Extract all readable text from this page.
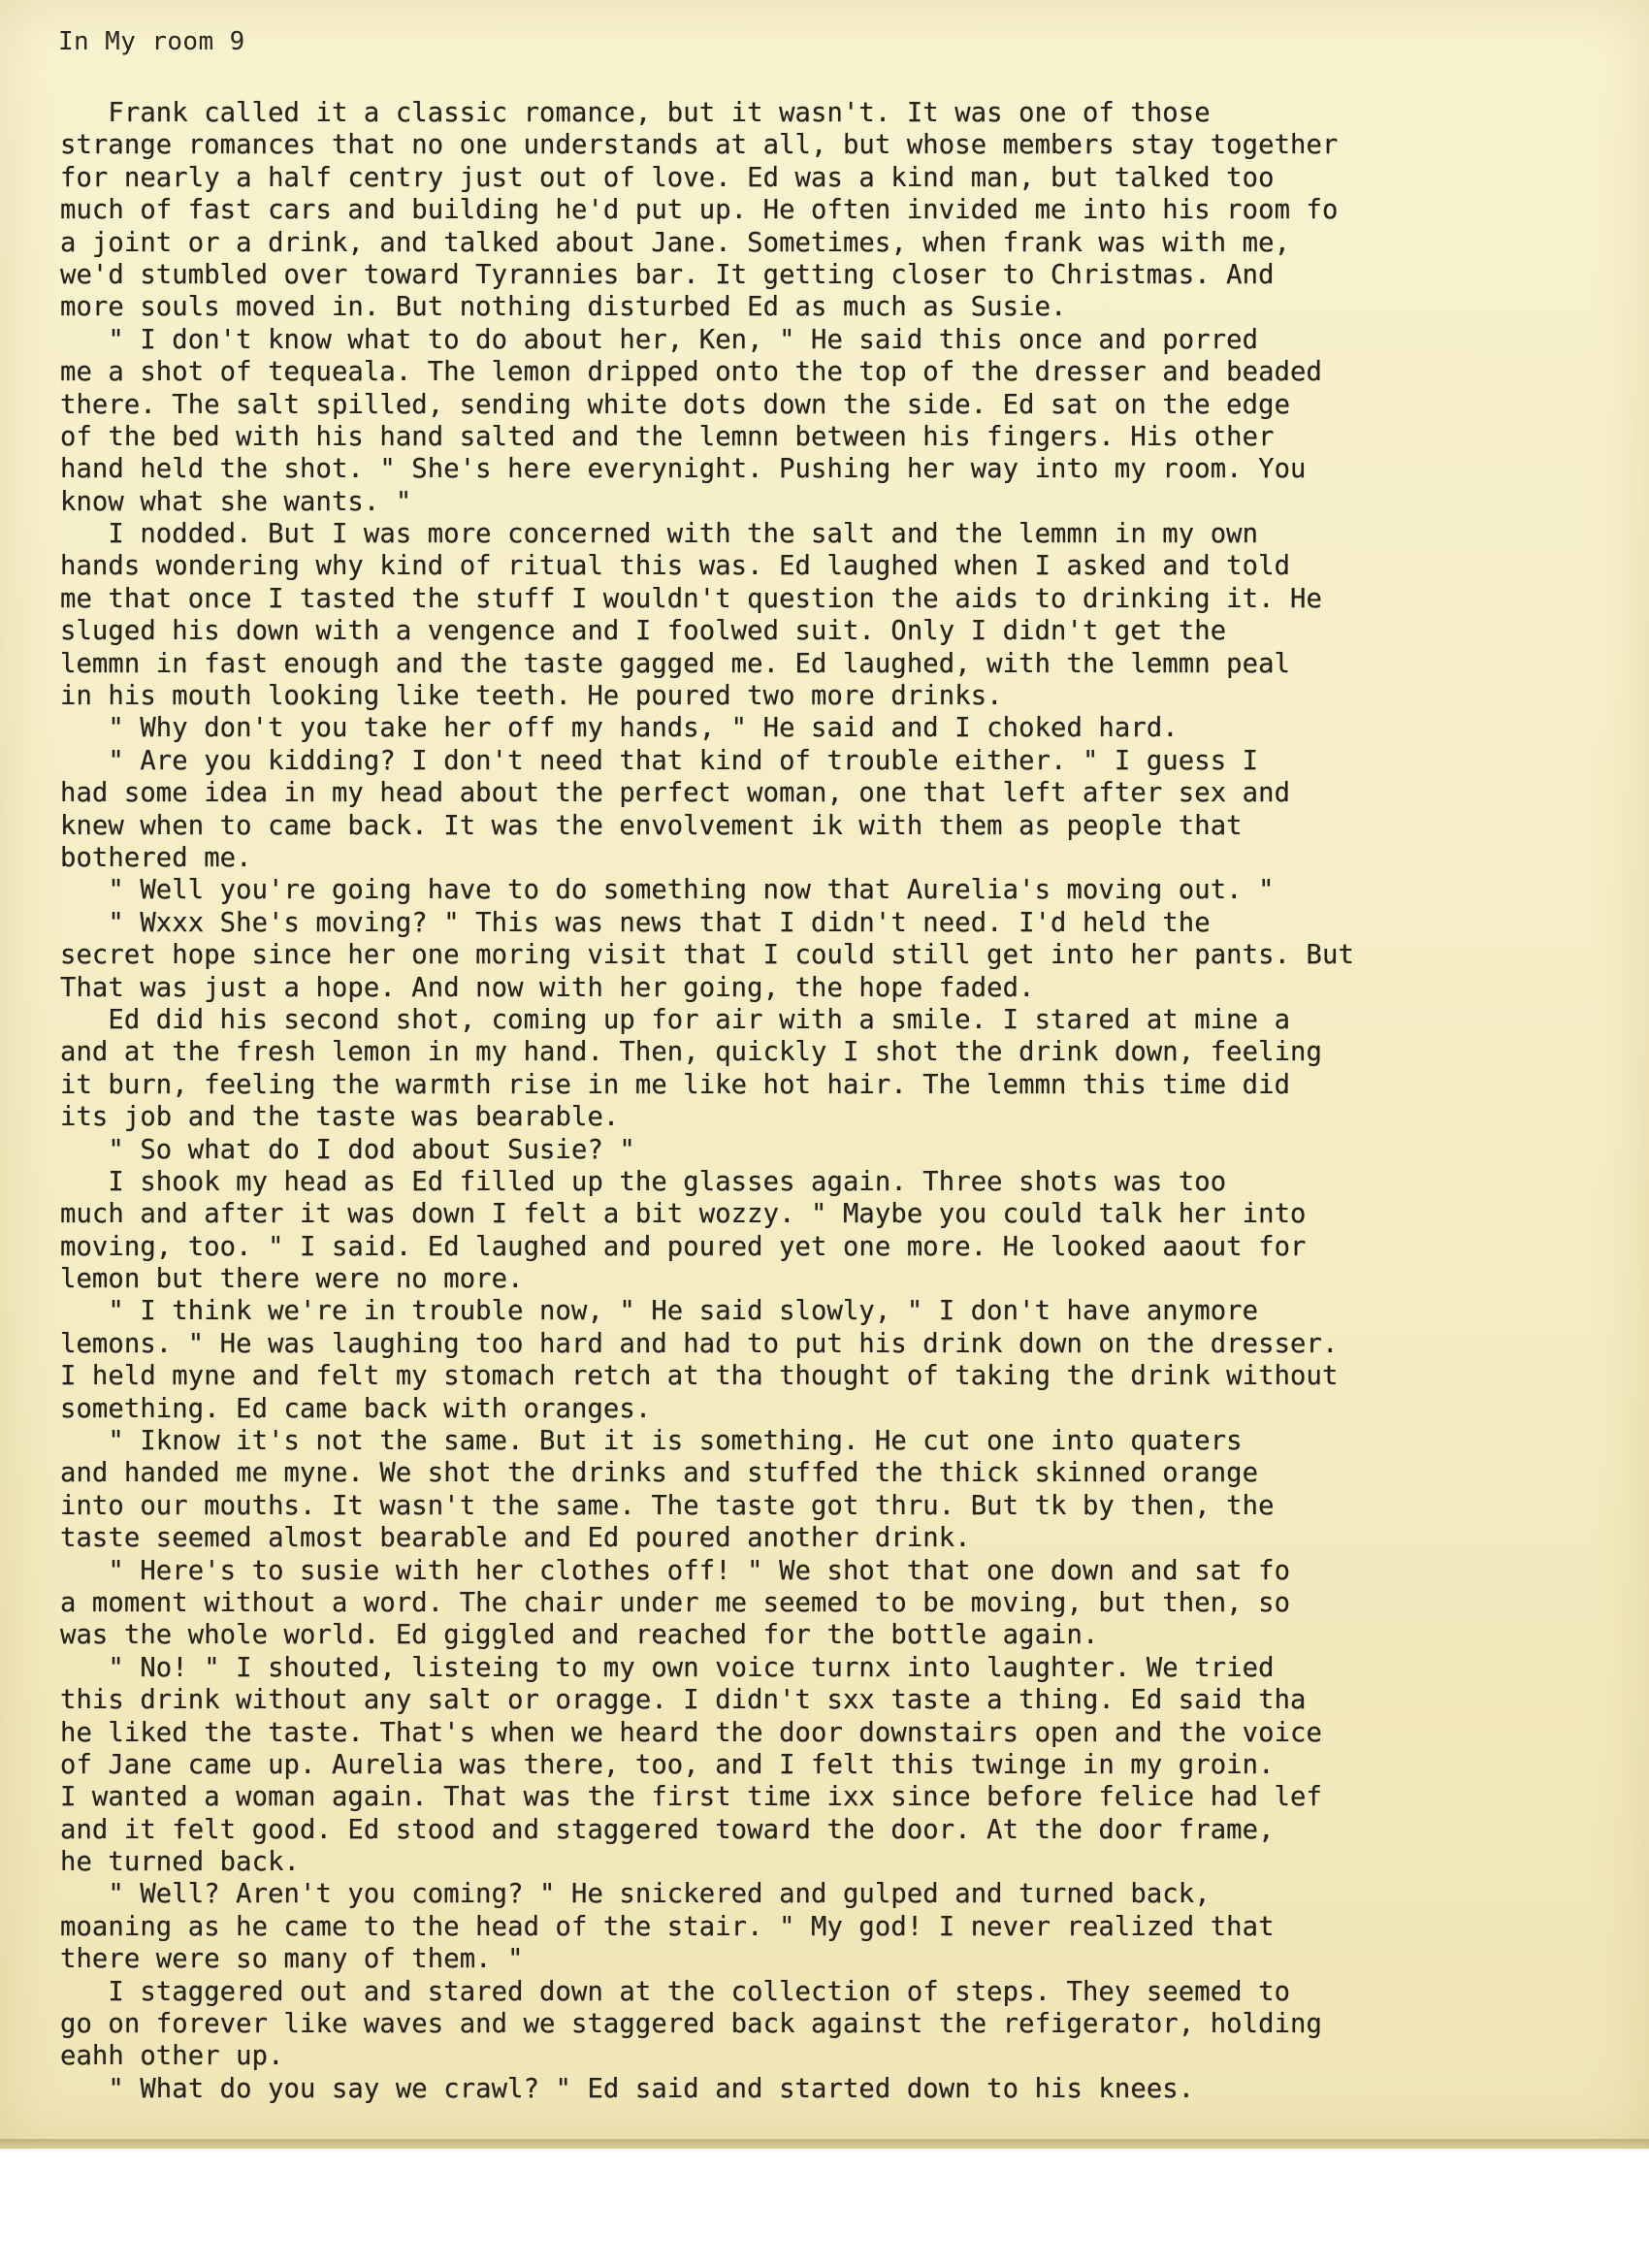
In My room 9
Frank called it a classic romance, but it wasn't. It was one of those
strange romances that no one understands at all, but whose members stay together
for nearly a half centry just out of love. Ed was a kind man, but talked too
much of fast cars and building he'd put up. He often invided me into his room fo
a joint or a drink, and talked about Jane. Sometimes, when frank was with me,
we'd stumbled over toward Tyrannies bar. It getting closer to Christmas. And
more souls moved in. But nothing disturbed Ed as much as Susie.
" I don't know what to do about her, Ken, " He said this once and porred
me a shot of tequeala. The lemon dripped onto the top of the dresser and beaded
there. The salt spilled, sending white dots down the side. Ed sat on the edge
of the bed with his hand salted and the lemnn between his fingers. His other
hand held the shot. " She's here everynight. Pushing her way into my room. You
know what she wants. "
I nodded. But I was more concerned with the salt and the lemmn in my own
hands wondering why kind of ritual this was. Ed laughed when I asked and told
me that once I tasted the stuff I wouldn't question the aids to drinking it. He
sluged his down with a vengence and I foolwed suit. Only I didn't get the
lemmn in fast enough and the taste gagged me. Ed laughed, with the lemmn peal
in his mouth looking like teeth. He poured two more drinks.
" Why don't you take her off my hands, " He said and I choked hard.
" Are you kidding? I don't need that kind of trouble either. " I guess I
had some idea in my head about the perfect woman, one that left after sex and
knew when to came back. It was the envolvement ik with them as people that
bothered me.
" Well you're going have to do something now that Aurelia's moving out. "
" Wxxx She's moving? " This was news that I didn't need. I'd held the
secret hope since her one moring visit that I could still get into her pants. But
That was just a hope. And now with her going, the hope faded.
Ed did his second shot, coming up for air with a smile. I stared at mine a
and at the fresh lemon in my hand. Then, quickly I shot the drink down, feeling
it burn, feeling the warmth rise in me like hot hair. The lemmn this time did
its job and the taste was bearable.
" So what do I dod about Susie? "
I shook my head as Ed filled up the glasses again. Three shots was too
much and after it was down I felt a bit wozzy. " Maybe you could talk her into
moving, too. " I said. Ed laughed and poured yet one more. He looked aaout for
lemon but there were no more.
" I think we're in trouble now, " He said slowly, " I don't have anymore
lemons. " He was laughing too hard and had to put his drink down on the dresser.
I held myne and felt my stomach retch at tha thought of taking the drink without
something. Ed came back with oranges.
" Iknow it's not the same. But it is something. He cut one into quaters
and handed me myne. We shot the drinks and stuffed the thick skinned orange
into our mouths. It wasn't the same. The taste got thru. But tk by then, the
taste seemed almost bearable and Ed poured another drink.
" Here's to susie with her clothes off! " We shot that one down and sat fo
a moment without a word. The chair under me seemed to be moving, but then, so
was the whole world. Ed giggled and reached for the bottle again.
" No! " I shouted, listeing to my own voice turnx into laughter. We tried
this drink without any salt or oragge. I didn't sxx taste a thing. Ed said tha
he liked the taste. That's when we heard the door downstairs open and the voice
of Jane came up. Aurelia was there, too, and I felt this twinge in my groin.
I wanted a woman again. That was the first time ixx since before felice had lef
and it felt good. Ed stood and staggered toward the door. At the door frame,
he turned back.
" Well? Aren't you coming? " He snickered and gulped and turned back,
moaning as he came to the head of the stair. " My god! I never realized that
there were so many of them. "
I staggered out and stared down at the collection of steps. They seemed to
go on forever like waves and we staggered back against the refigerator, holding
eahh other up.
" What do you say we crawl? " Ed said and started down to his knees.
